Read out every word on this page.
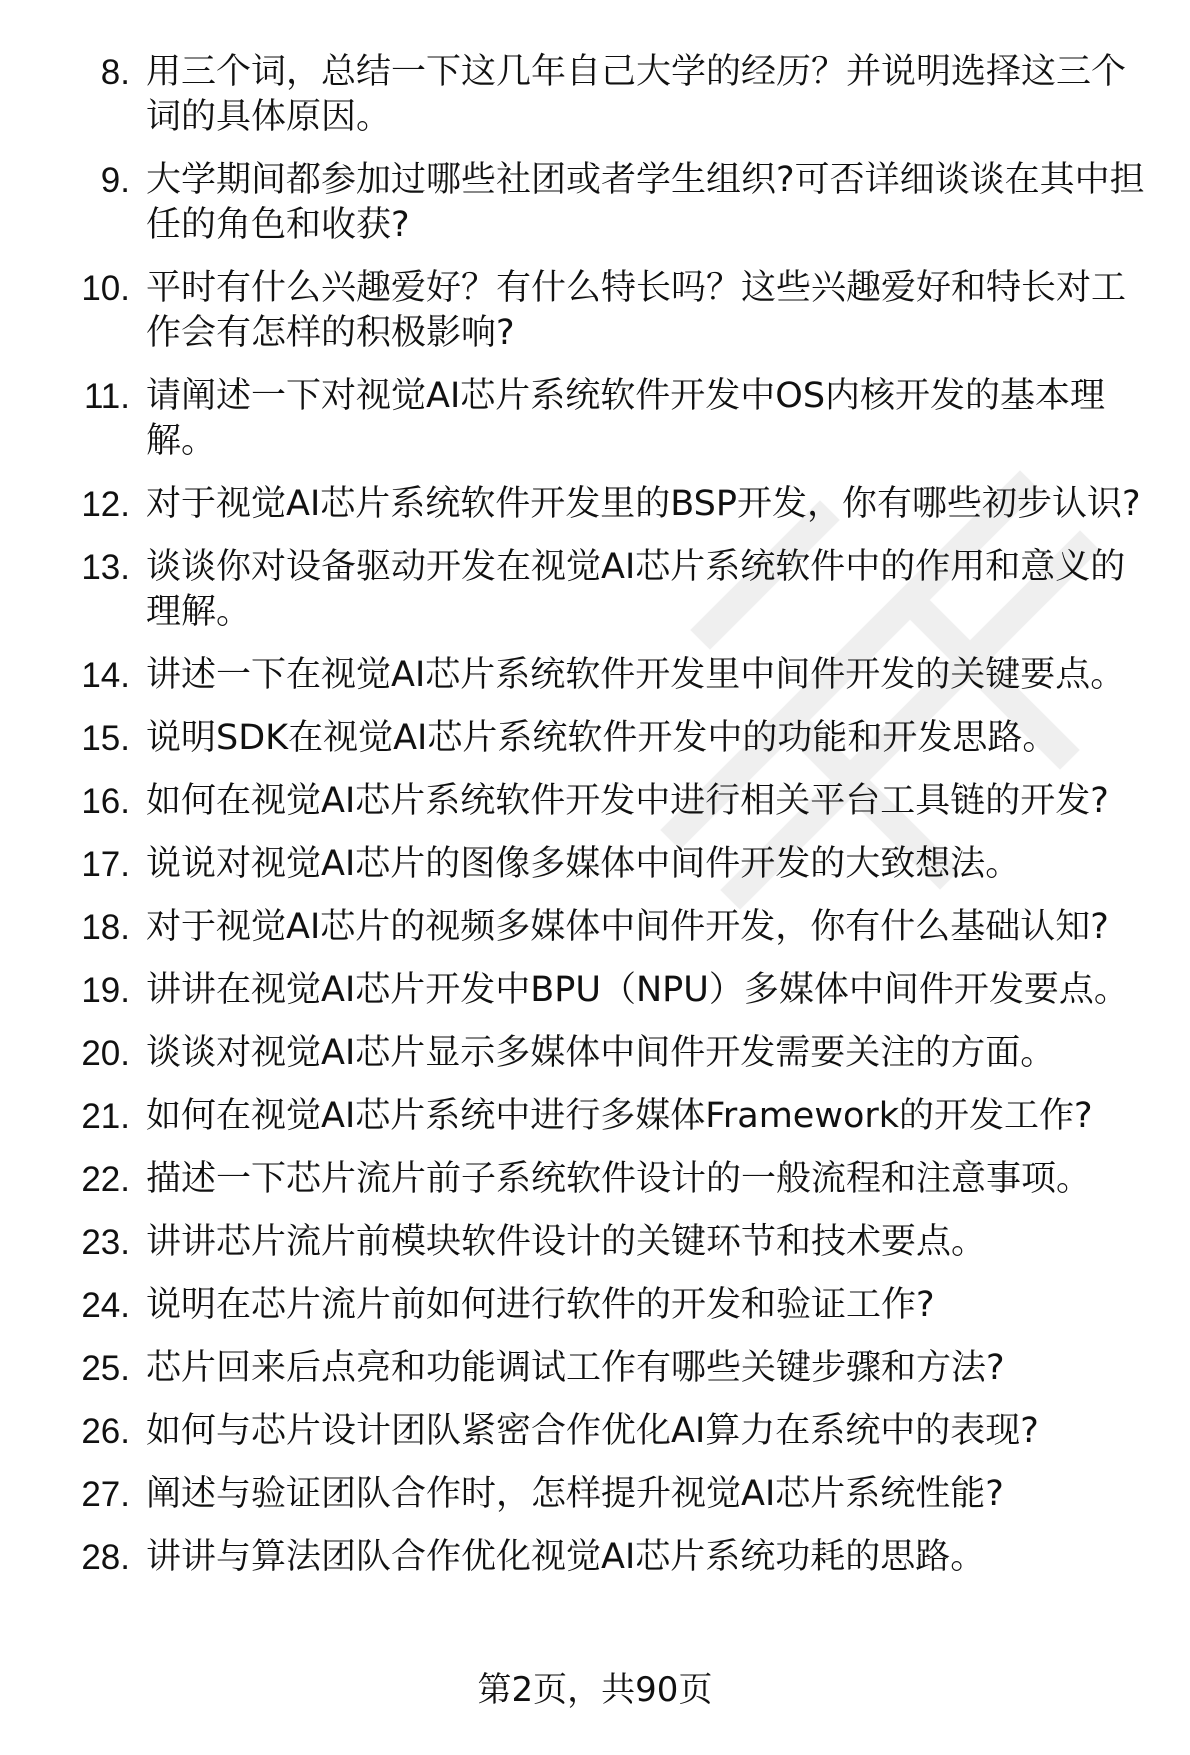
8. 用三个词，总结一下这几年自己大学的经历？并说明选择这三个词的具体原因。
9. 大学期间都参加过哪些社团或者学生组织?可否详细谈谈在其中担任的角色和收获?
10. 平时有什么兴趣爱好？有什么特长吗？这些兴趣爱好和特长对工作会有怎样的积极影响?
11. 请阐述一下对视觉AI芯片系统软件开发中OS内核开发的基本理解。
12. 对于视觉AI芯片系统软件开发里的BSP开发，你有哪些初步认识?
13. 谈谈你对设备驱动开发在视觉AI芯片系统软件中的作用和意义的理解。
14. 讲述一下在视觉AI芯片系统软件开发里中间件开发的关键要点。
15. 说明SDK在视觉AI芯片系统软件开发中的功能和开发思路。
16. 如何在视觉AI芯片系统软件开发中进行相关平台工具链的开发?
17. 说说对视觉AI芯片的图像多媒体中间件开发的大致想法。
18. 对于视觉AI芯片的视频多媒体中间件开发，你有什么基础认知?
19. 讲讲在视觉AI芯片开发中BPU（NPU）多媒体中间件开发要点。
20. 谈谈对视觉AI芯片显示多媒体中间件开发需要关注的方面。
21. 如何在视觉AI芯片系统中进行多媒体Framework的开发工作?
22. 描述一下芯片流片前子系统软件设计的一般流程和注意事项。
23. 讲讲芯片流片前模块软件设计的关键环节和技术要点。
24. 说明在芯片流片前如何进行软件的开发和验证工作?
25. 芯片回来后点亮和功能调试工作有哪些关键步骤和方法?
26. 如何与芯片设计团队紧密合作优化AI算力在系统中的表现?
27. 阐述与验证团队合作时，怎样提升视觉AI芯片系统性能?
28. 讲讲与算法团队合作优化视觉AI芯片系统功耗的思路。
第2页，共90页
